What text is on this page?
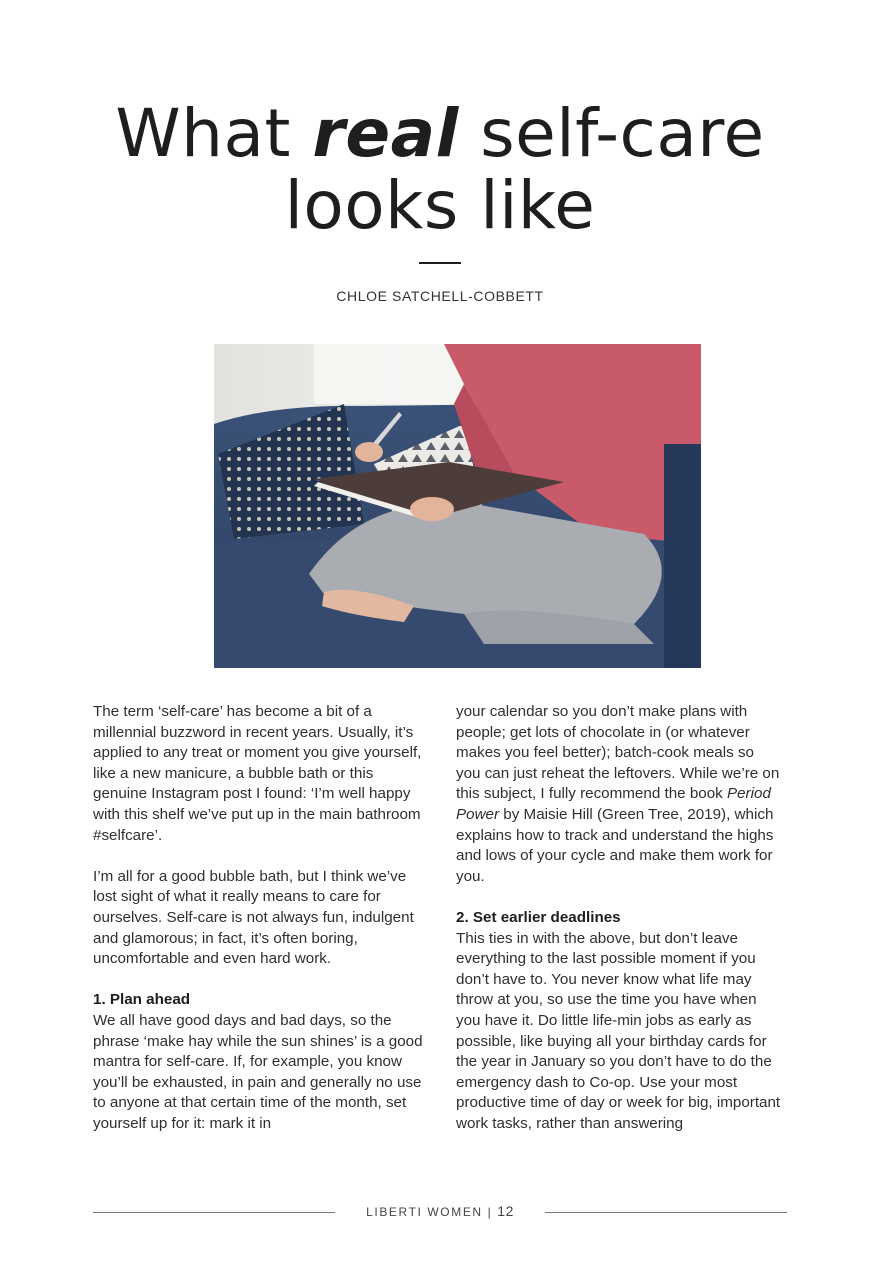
What real self-care
looks like
CHLOE SATCHELL-COBBETT

The term ‘self-care’ has become a bit of a millennial buzzword in recent years. Usually, it’s applied to any treat or moment you give yourself, like a new manicure, a bubble bath or this genuine Instagram post I found: ‘I’m well happy with this shelf we’ve put up in the main bathroom #selfcare’.

I’m all for a good bubble bath, but I think we’ve lost sight of what it really means to care for ourselves. Self-care is not always fun, indulgent and glamorous; in fact, it’s often boring, uncomfortable and even hard work.

1. Plan ahead

We all have good days and bad days, so the phrase ‘make hay while the sun shines’ is a good mantra for self-care. If, for example, you know you’ll be exhausted, in pain and generally no use to anyone at that certain time of the month, set yourself up for it: mark it in

your calendar so you don’t make plans with people; get lots of chocolate in (or whatever makes you feel better); batch-cook meals so you can just reheat the leftovers. While we’re on this subject, I fully recommend the book Period Power by Maisie Hill (Green Tree, 2019), which explains how to track and understand the highs and lows of your cycle and make them work for you.

2. Set earlier deadlines

This ties in with the above, but don’t leave everything to the last possible moment if you don’t have to. You never know what life may throw at you, so use the time you have when you have it. Do little life-min jobs as early as possible, like buying all your birthday cards for the year in January so you don’t have to do the emergency dash to Co-op. Use your most productive time of day or week for big, important work tasks, rather than answering

LIBERTI WOMEN | 12
